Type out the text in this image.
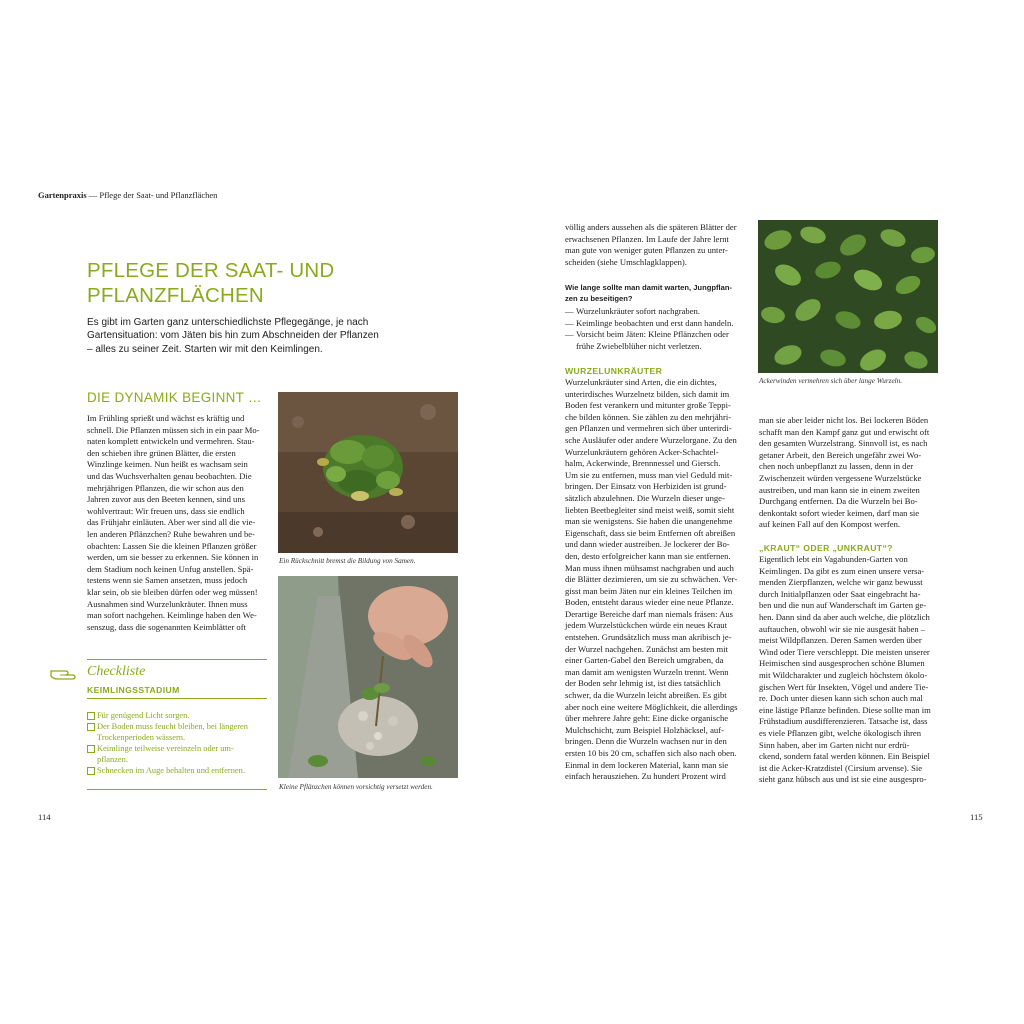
Gartenpraxis — Pflege der Saat- und Pflanzflächen
PFLEGE DER SAAT- UND
PFLANZFLÄCHEN
Es gibt im Garten ganz unterschiedlichste Pflegegänge, je nach Gartensituation: vom Jäten bis hin zum Abschneiden der Pflanzen – alles zu seiner Zeit. Starten wir mit den Keimlingen.
DIE DYNAMIK BEGINNT …
Im Frühling sprießt und wächst es kräftig und
schnell. Die Pflanzen müssen sich in ein paar Mo-
naten komplett entwickeln und vermehren. Stau-
den schieben ihre grünen Blätter, die ersten
Winzlinge keimen. Nun heißt es wachsam sein
und das Wuchsverhalten genau beobachten. Die
mehrjährigen Pflanzen, die wir schon aus den
Jahren zuvor aus den Beeten kennen, sind uns
wohlvertraut: Wir freuen uns, dass sie endlich
das Frühjahr einläuten. Aber wer sind all die vie-
len anderen Pflänzchen? Ruhe bewahren und be-
obachten: Lassen Sie die kleinen Pflanzen größer
werden, um sie besser zu erkennen. Sie können in
dem Stadium noch keinen Unfug anstellen. Spä-
testens wenn sie Samen ansetzen, muss jedoch
klar sein, ob sie bleiben dürfen oder weg müssen!
Ausnahmen sind Wurzelunkräuter. Ihnen muss
man sofort nachgehen. Keimlinge haben den We-
senszug, dass die sogenannten Keimblätter oft
Ein Rückschnitt bremst die Bildung von Samen.
Kleine Pflänzchen können vorsichtig versetzt werden.
Checkliste
KEIMLINGSSTADIUM
Für genügend Licht sorgen.
Der Boden muss feucht bleiben, bei längeren
Trockenperioden wässern.
Keimlinge teilweise vereinzeln oder um-
pflanzen.
Schnecken im Auge behalten und entfernen.
114	115
völlig anders aussehen als die späteren Blätter der
erwachsenen Pflanzen. Im Laufe der Jahre lernt
man gute von weniger guten Pflanzen zu unter-
scheiden (siehe Umschlagklappen).
Wie lange sollte man damit warten, Jungpflan-
zen zu beseitigen?
— Wurzelunkräuter sofort nachgraben.
— Keimlinge beobachten und erst dann handeln.
— Vorsicht beim Jäten: Kleine Pflänzchen oder
frühe Zwiebelblüher nicht verletzen.
Ackerwinden vermehren sich über lange Wurzeln.
WURZELUNKRÄUTER
Wurzelunkräuter sind Arten, die ein dichtes,
unterirdisches Wurzelnetz bilden, sich damit im
Boden fest verankern und mitunter große Teppi-
che bilden können. Sie zählen zu den mehrjähri-
gen Pflanzen und vermehren sich über unterirdi-
sche Ausläufer oder andere Wurzelorgane. Zu den
Wurzelunkräutern gehören Acker-Schachtel-
halm, Ackerwinde, Brennnessel und Giersch.
Um sie zu entfernen, muss man viel Geduld mit-
bringen. Der Einsatz von Herbiziden ist grund-
sätzlich abzulehnen. Die Wurzeln dieser unge-
liebten Beetbegleiter sind meist weiß, somit sieht
man sie wenigstens. Sie haben die unangenehme
Eigenschaft, dass sie beim Entfernen oft abreißen
und dann wieder austreiben. Je lockerer der Bo-
den, desto erfolgreicher kann man sie entfernen.
Man muss ihnen mühsamst nachgraben und auch
die Blätter dezimieren, um sie zu schwächen. Ver-
gisst man beim Jäten nur ein kleines Teilchen im
Boden, entsteht daraus wieder eine neue Pflanze.
Derartige Bereiche darf man niemals fräsen: Aus
jedem Wurzelstückchen würde ein neues Kraut
entstehen. Grundsätzlich muss man akribisch je-
der Wurzel nachgehen. Zunächst am besten mit
einer Garten-Gabel den Bereich umgraben, da
man damit am wenigsten Wurzeln trennt. Wenn
der Boden sehr lehmig ist, ist dies tatsächlich
schwer, da die Wurzeln leicht abreißen. Es gibt
aber noch eine weitere Möglichkeit, die allerdings
über mehrere Jahre geht: Eine dicke organische
Mulchschicht, zum Beispiel Holzhäcksel, auf-
bringen. Denn die Wurzeln wachsen nur in den
ersten 10 bis 20 cm, schaffen sich also nach oben.
Einmal in dem lockeren Material, kann man sie
einfach herausziehen. Zu hundert Prozent wird
man sie aber leider nicht los. Bei lockeren Böden
schafft man den Kampf ganz gut und erwischt oft
den gesamten Wurzelstrang. Sinnvoll ist, es nach
getaner Arbeit, den Bereich ungefähr zwei Wo-
chen noch unbepflanzt zu lassen, denn in der
Zwischenzeit würden vergessene Wurzelstücke
austreiben, und man kann sie in einem zweiten
Durchgang entfernen. Da die Wurzeln bei Bo-
denkontakt sofort wieder keimen, darf man sie
auf keinen Fall auf den Kompost werfen.
„KRAUT“ ODER „UNKRAUT“?
Eigentlich lebt ein Vagabunden-Garten von
Keimlingen. Da gibt es zum einen unsere versa-
menden Zierpflanzen, welche wir ganz bewusst
durch Initialpflanzen oder Saat eingebracht ha-
ben und die nun auf Wanderschaft im Garten ge-
hen. Dann sind da aber auch welche, die plötzlich
auftauchen, obwohl wir sie nie ausgesät haben –
meist Wildpflanzen. Deren Samen werden über
Wind oder Tiere verschleppt. Die meisten unserer
Heimischen sind ausgesprochen schöne Blumen
mit Wildcharakter und zugleich höchstem ökolo-
gischen Wert für Insekten, Vögel und andere Tie-
re. Doch unter diesen kann sich schon auch mal
eine lästige Pflanze befinden. Diese sollte man im
Frühstadium ausdifferenzieren. Tatsache ist, dass
es viele Pflanzen gibt, welche ökologisch ihren
Sinn haben, aber im Garten nicht nur erdrü-
ckend, sondern fatal werden können. Ein Beispiel
ist die Acker-Kratzdistel (Cirsium arvense). Sie
sieht ganz hübsch aus und ist sie eine ausgespro-
